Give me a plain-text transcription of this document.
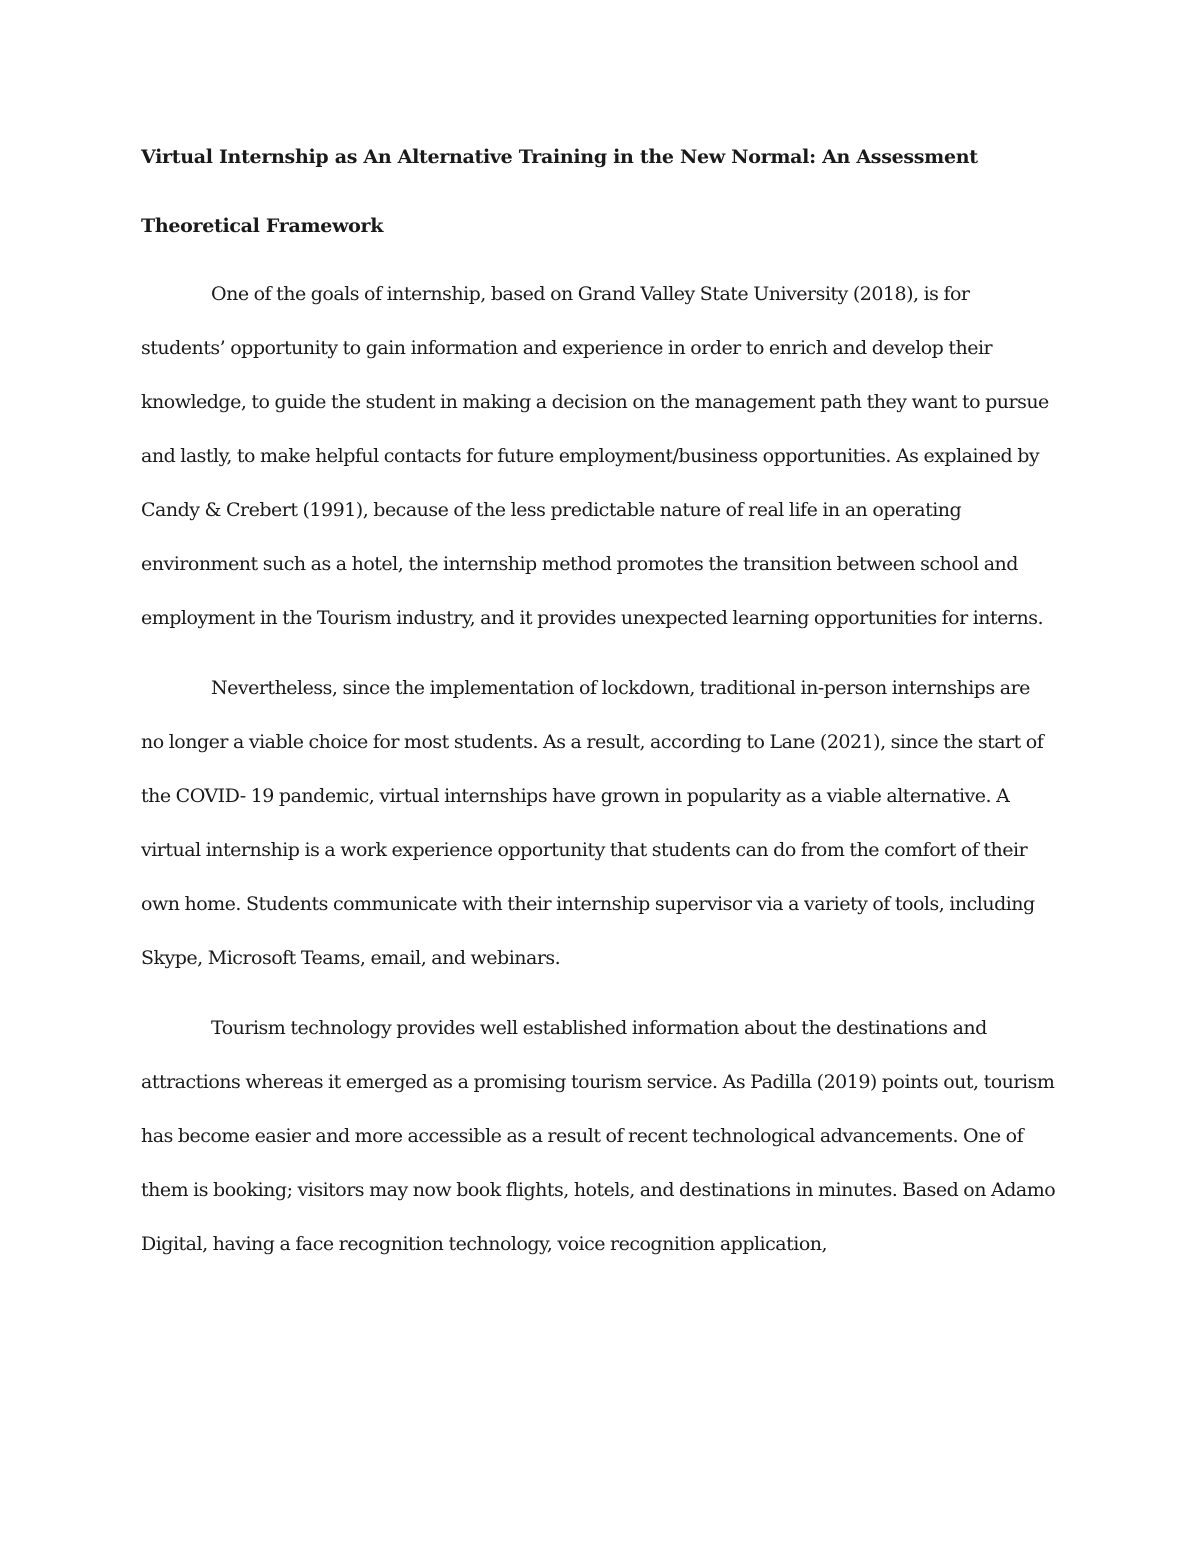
Virtual Internship as An Alternative Training in the New Normal: An Assessment

Theoretical Framework

One of the goals of internship, based on Grand Valley State University (2018), is for students’ opportunity to gain information and experience in order to enrich and develop their knowledge, to guide the student in making a decision on the management path they want to pursue and lastly, to make helpful contacts for future employment/business opportunities. As explained by Candy & Crebert (1991), because of the less predictable nature of real life in an operating environment such as a hotel, the internship method promotes the transition between school and employment in the Tourism industry, and it provides unexpected learning opportunities for interns.

Nevertheless, since the implementation of lockdown, traditional in-person internships are no longer a viable choice for most students. As a result, according to Lane (2021), since the start of the COVID- 19 pandemic, virtual internships have grown in popularity as a viable alternative. A virtual internship is a work experience opportunity that students can do from the comfort of their own home. Students communicate with their internship supervisor via a variety of tools, including Skype, Microsoft Teams, email, and webinars.

Tourism technology provides well established information about the destinations and attractions whereas it emerged as a promising tourism service. As Padilla (2019) points out, tourism has become easier and more accessible as a result of recent technological advancements. One of them is booking; visitors may now book flights, hotels, and destinations in minutes. Based on Adamo Digital, having a face recognition technology, voice recognition application,
